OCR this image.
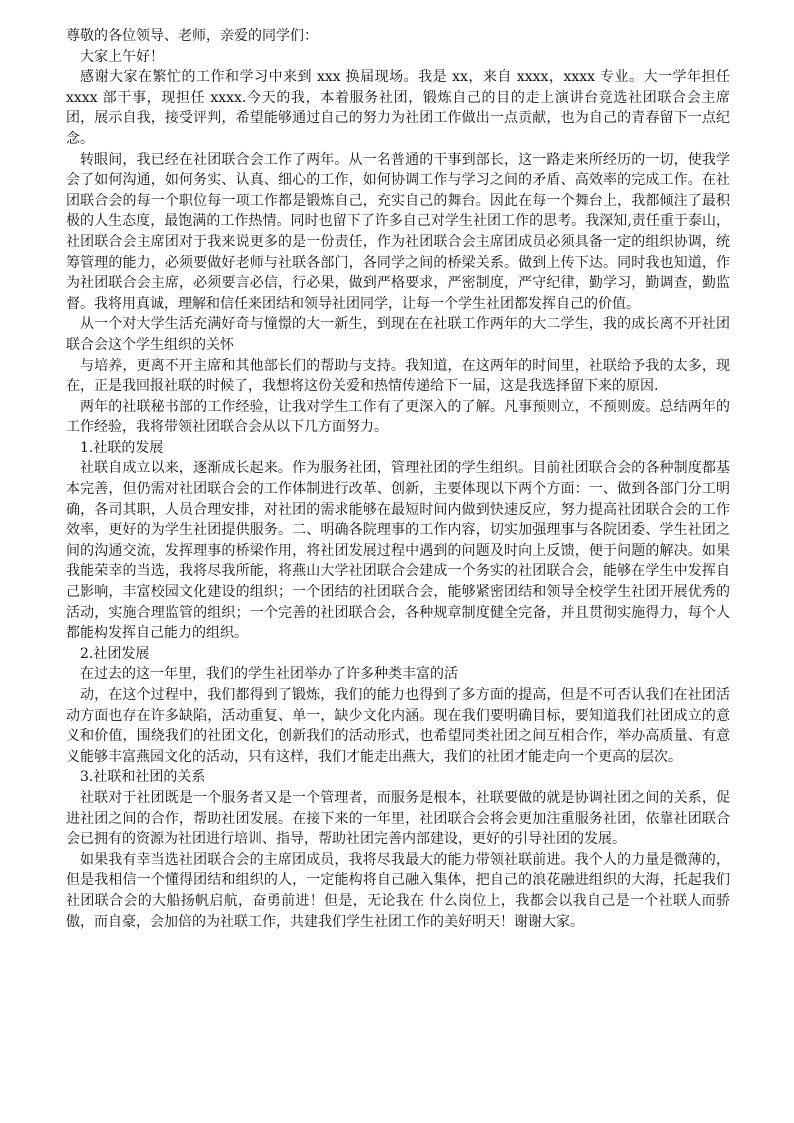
尊敬的各位领导、老师，亲爱的同学们：

大家上午好！

感谢大家在繁忙的工作和学习中来到 xxx 换届现场。我是 xx，来自 xxxx，xxxx 专业。大一学年担任 xxxx 部干事，现担任 xxxx.今天的我，本着服务社团，锻炼自己的目的走上演讲台竞选社团联合会主席团，展示自我，接受评判，希望能够通过自己的努力为社团工作做出一点贡献，也为自己的青春留下一点纪念。

转眼间，我已经在社团联合会工作了两年。从一名普通的干事到部长，这一路走来所经历的一切，使我学会了如何沟通，如何务实、认真、细心的工作，如何协调工作与学习之间的矛盾、高效率的完成工作。在社团联合会的每一个职位每一项工作都是锻炼自己，充实自己的舞台。因此在每一个舞台上，我都倾注了最积极的人生态度，最饱满的工作热情。同时也留下了许多自己对学生社团工作的思考。我深知,责任重于泰山，社团联合会主席团对于我来说更多的是一份责任，作为社团联合会主席团成员必须具备一定的组织协调，统筹管理的能力，必须要做好老师与社联各部门，各同学之间的桥梁关系。做到上传下达。同时我也知道，作为社团联合会主席，必须要言必信，行必果，做到严格要求，严密制度，严守纪律，勤学习，勤调查，勤监督。我将用真诚，理解和信任来团结和领导社团同学，让每一个学生社团都发挥自己的价值。

从一个对大学生活充满好奇与憧憬的大一新生，到现在在社联工作两年的大二学生，我的成长离不开社团联合会这个学生组织的关怀

与培养，更离不开主席和其他部长们的帮助与支持。我知道，在这两年的时间里，社联给予我的太多，现在，正是我回报社联的时候了，我想将这份关爱和热情传递给下一届，这是我选择留下来的原因.

两年的社联秘书部的工作经验，让我对学生工作有了更深入的了解。凡事预则立，不预则废。总结两年的工作经验，我将带领社团联合会从以下几方面努力。

1.社联的发展

社联自成立以来，逐渐成长起来。作为服务社团，管理社团的学生组织。目前社团联合会的各种制度都基本完善，但仍需对社团联合会的工作体制进行改革、创新，主要体现以下两个方面：一、做到各部门分工明确，各司其职，人员合理安排，对社团的需求能够在最短时间内做到快速反应，努力提高社团联合会的工作效率，更好的为学生社团提供服务。二、明确各院理事的工作内容，切实加强理事与各院团委、学生社团之间的沟通交流，发挥理事的桥梁作用，将社团发展过程中遇到的问题及时向上反馈，便于问题的解决。如果我能荣幸的当选，我将尽我所能，将燕山大学社团联合会建成一个务实的社团联合会，能够在学生中发挥自己影响，丰富校园文化建设的组织；一个团结的社团联合会，能够紧密团结和领导全校学生社团开展优秀的活动，实施合理监管的组织；一个完善的社团联合会，各种规章制度健全完备，并且贯彻实施得力，每个人都能构发挥自己能力的组织。

2.社团发展

在过去的这一年里，我们的学生社团举办了许多种类丰富的活

动，在这个过程中，我们都得到了锻炼，我们的能力也得到了多方面的提高，但是不可否认我们在社团活动方面也存在许多缺陷，活动重复、单一，缺少文化内涵。现在我们要明确目标，要知道我们社团成立的意义和价值，围绕我们的社团文化，创新我们的活动形式，也希望同类社团之间互相合作，举办高质量、有意义能够丰富燕园文化的活动，只有这样，我们才能走出燕大，我们的社团才能走向一个更高的层次。

3.社联和社团的关系

社联对于社团既是一个服务者又是一个管理者，而服务是根本，社联要做的就是协调社团之间的关系，促进社团之间的合作，帮助社团发展。在接下来的一年里，社团联合会将会更加注重服务社团，依靠社团联合会已拥有的资源为社团进行培训、指导，帮助社团完善内部建设，更好的引导社团的发展。

如果我有幸当选社团联合会的主席团成员，我将尽我最大的能力带领社联前进。我个人的力量是微薄的，但是我相信一个懂得团结和组织的人，一定能构将自己融入集体，把自己的浪花融进组织的大海，托起我们社团联合会的大船扬帆启航，奋勇前进！但是，无论我在 什么岗位上，我都会以我自己是一个社联人而骄傲，而自豪，会加倍的为社联工作，共建我们学生社团工作的美好明天！谢谢大家。
